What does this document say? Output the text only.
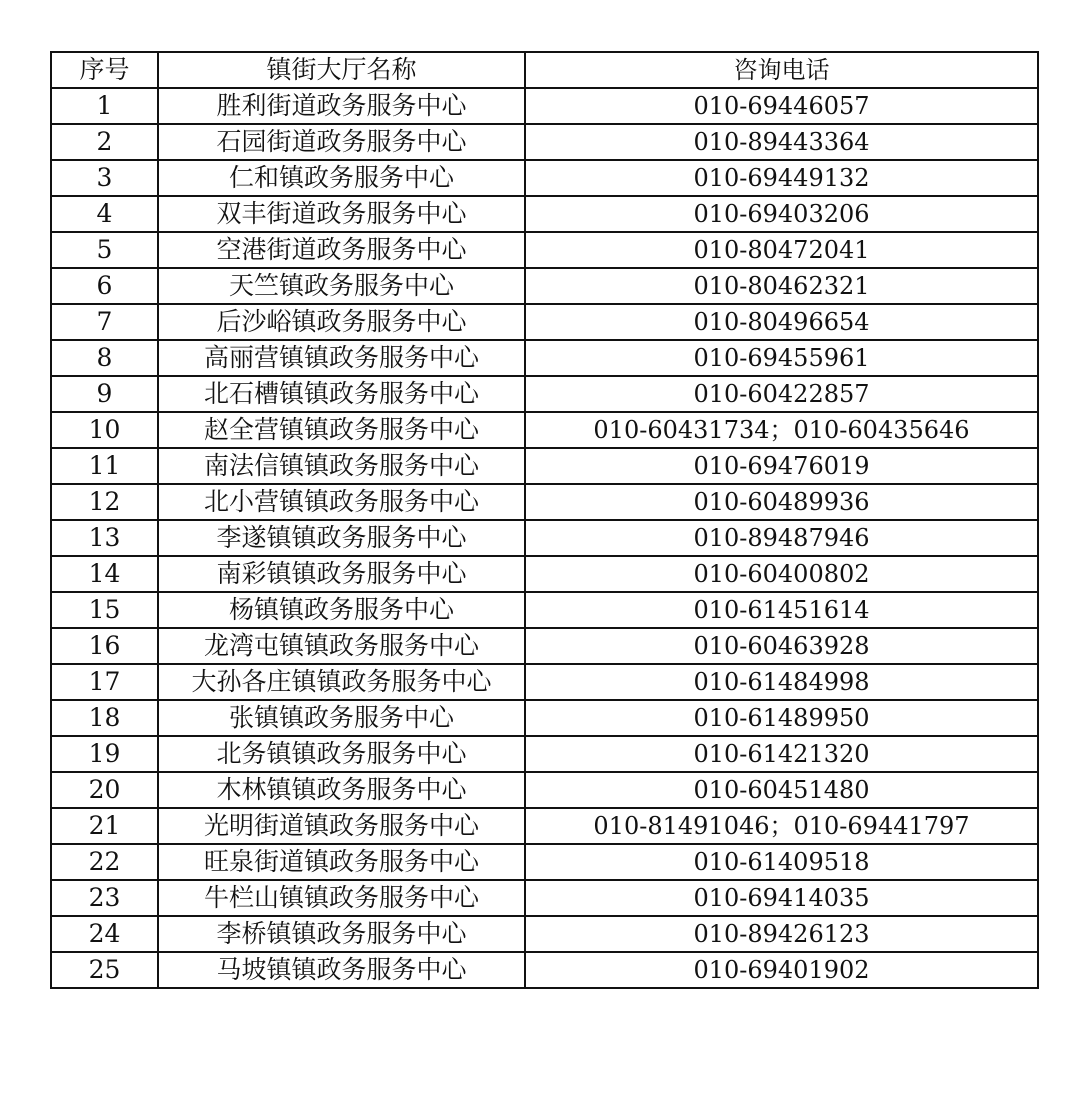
序号	镇街大厅名称	咨询电话
1	胜利街道政务服务中心	010-69446057
2	石园街道政务服务中心	010-89443364
3	仁和镇政务服务中心	010-69449132
4	双丰街道政务服务中心	010-69403206
5	空港街道政务服务中心	010-80472041
6	天竺镇政务服务中心	010-80462321
7	后沙峪镇政务服务中心	010-80496654
8	高丽营镇镇政务服务中心	010-69455961
9	北石槽镇镇政务服务中心	010-60422857
10	赵全营镇镇政务服务中心	010-60431734；010-60435646
11	南法信镇镇政务服务中心	010-69476019
12	北小营镇镇政务服务中心	010-60489936
13	李遂镇镇政务服务中心	010-89487946
14	南彩镇镇政务服务中心	010-60400802
15	杨镇镇政务服务中心	010-61451614
16	龙湾屯镇镇政务服务中心	010-60463928
17	大孙各庄镇镇政务服务中心	010-61484998
18	张镇镇政务服务中心	010-61489950
19	北务镇镇政务服务中心	010-61421320
20	木林镇镇政务服务中心	010-60451480
21	光明街道镇政务服务中心	010-81491046；010-69441797
22	旺泉街道镇政务服务中心	010-61409518
23	牛栏山镇镇政务服务中心	010-69414035
24	李桥镇镇政务服务中心	010-89426123
25	马坡镇镇政务服务中心	010-69401902
